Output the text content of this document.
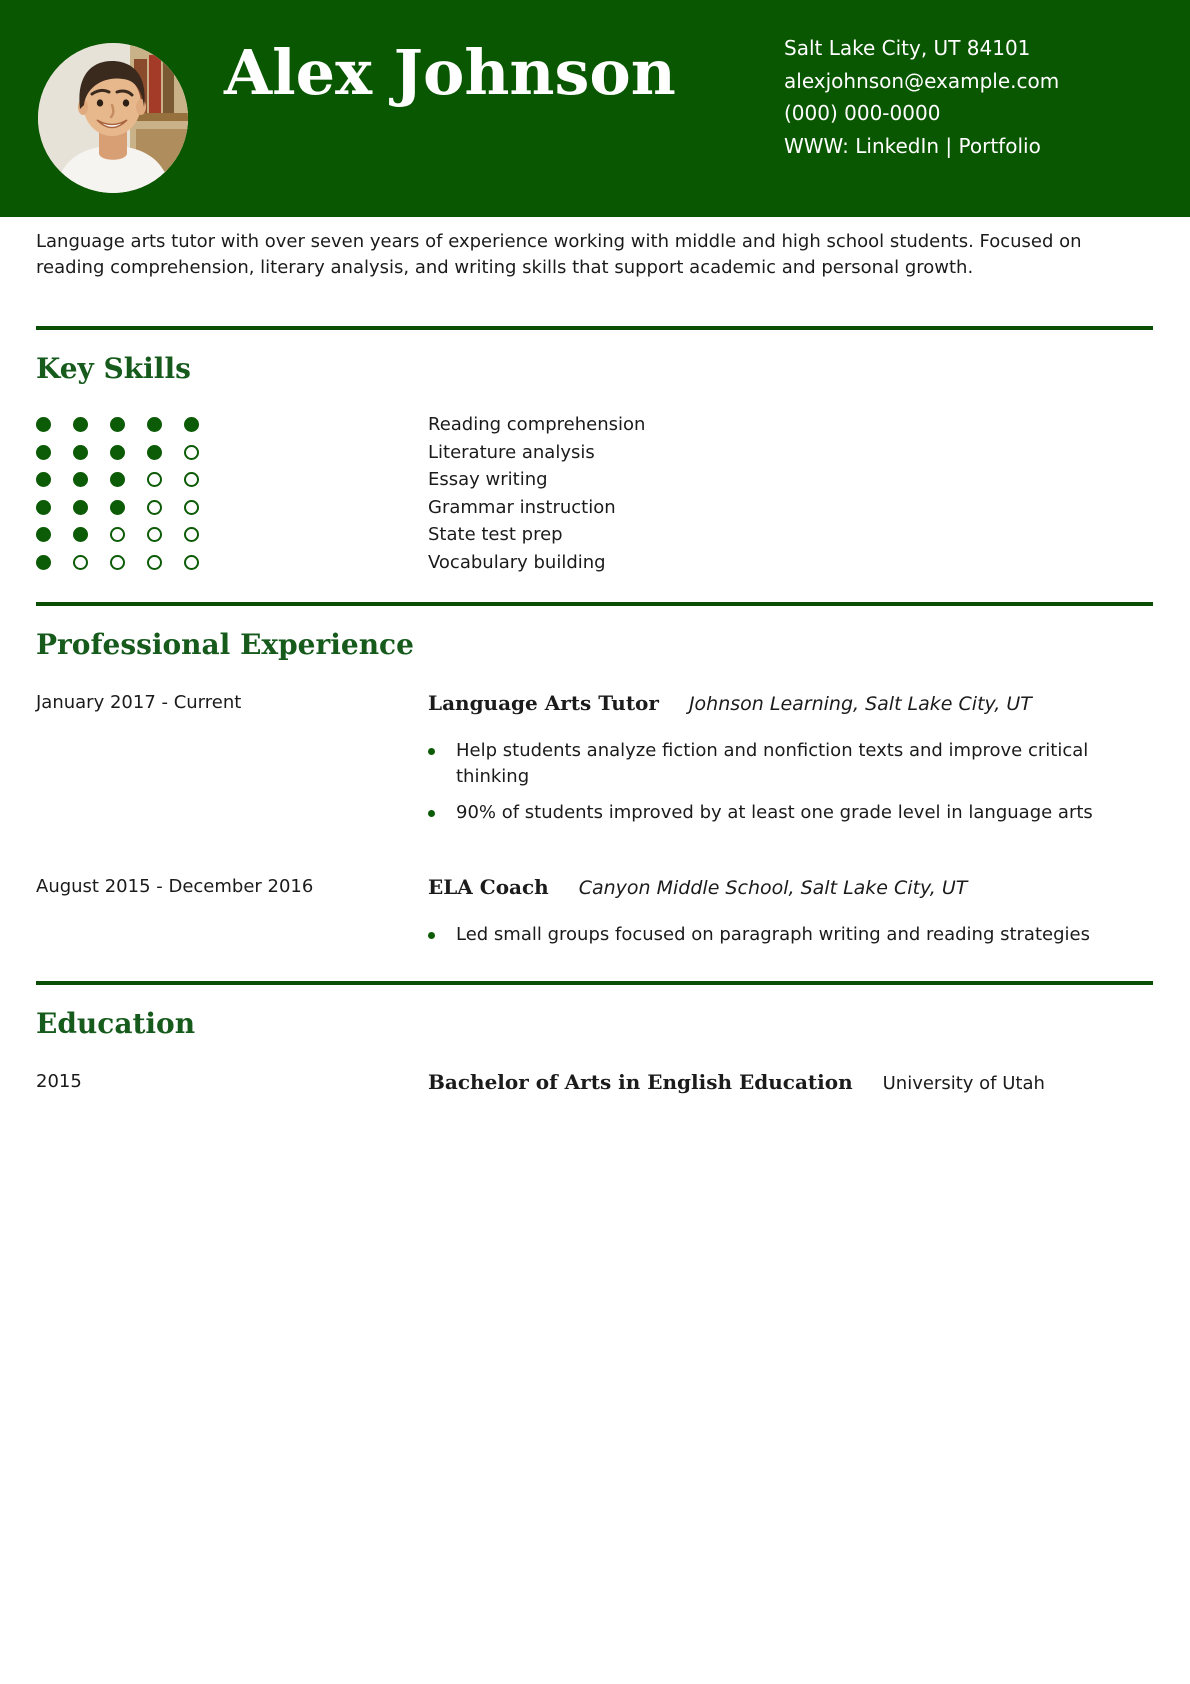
Alex Johnson	Salt Lake City, UT 84101
alexjohnson@example.com
(000) 000-0000
WWW: LinkedIn | Portfolio

Language arts tutor with over seven years of experience working with middle and high school students. Focused on reading comprehension, literary analysis, and writing skills that support academic and personal growth.

Key Skills
Reading comprehension
Literature analysis
Essay writing
Grammar instruction
State test prep
Vocabulary building
Professional Experience
January 2017 - Current	Language Arts Tutor Johnson Learning, Salt Lake City, UT
Help students analyze fiction and nonfiction texts and improve critical thinking
90% of students improved by at least one grade level in language arts
August 2015 - December 2016	ELA Coach Canyon Middle School, Salt Lake City, UT
Led small groups focused on paragraph writing and reading strategies
Education
2015	Bachelor of Arts in English Education University of Utah
